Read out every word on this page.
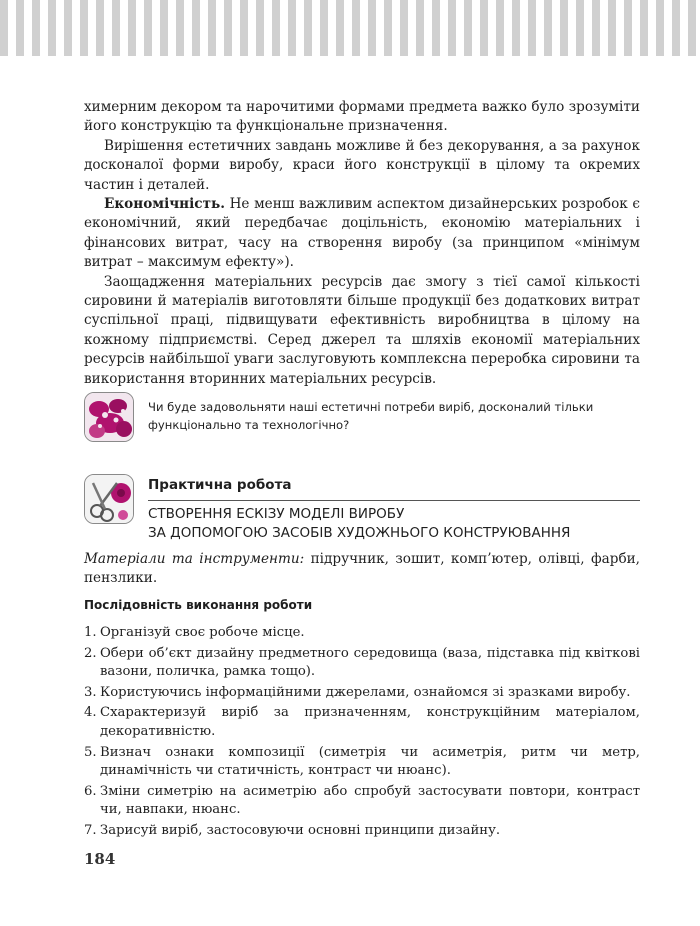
химерним декором та нарочитими формами предмета важко було зрозуміти його конструкцію та функціональне призначення.

Вирішення естетичних завдань можливе й без декорування, а за рахунок досконалої форми виробу, краси його конструкції в цілому та окремих частин і деталей.

Економічність. Не менш важливим аспектом дизайнерських розробок є економічний, який передбачає доцільність, економію матеріальних і фінансових витрат, часу на створення виробу (за принципом «мінімум витрат – максимум ефекту»).

Заощадження матеріальних ресурсів дає змогу з тієї самої кількості сировини й матеріалів виготовляти більше продукції без додаткових витрат суспільної праці, підвищувати ефективність виробництва в цілому на кожному підприємстві. Серед джерел та шляхів економії матеріальних ресурсів найбільшої уваги заслуговують комплексна переробка сировини та використання вторинних матеріальних ресурсів.

Чи буде задовольняти наші естетичні потреби виріб, досконалий тільки функціонально та технологічно?
Практична робота
СТВОРЕННЯ ЕСКІЗУ МОДЕЛІ ВИРОБУ
ЗА ДОПОМОГОЮ ЗАСОБІВ ХУДОЖНЬОГО КОНСТРУЮВАННЯ
Матеріали та інструменти: підручник, зошит, комп’ютер, олівці, фарби, пензлики.
Послідовність виконання роботи
1. Організуй своє робоче місце.
2. Обери об’єкт дизайну предметного середовища (ваза, підставка під квіткові вазони, поличка, рамка тощо).
3. Користуючись інформаційними джерелами, ознайомся зі зразками виробу.
4. Схарактеризуй виріб за призначенням, конструкційним матеріалом, декоративністю.
5. Визнач ознаки композиції (симетрія чи асиметрія, ритм чи метр, динамічність чи статичність, контраст чи нюанс).
6. Зміни симетрію на асиметрію або спробуй застосувати повтори, контраст чи, навпаки, нюанс.
7. Зарисуй виріб, застосовуючи основні принципи дизайну.
184
